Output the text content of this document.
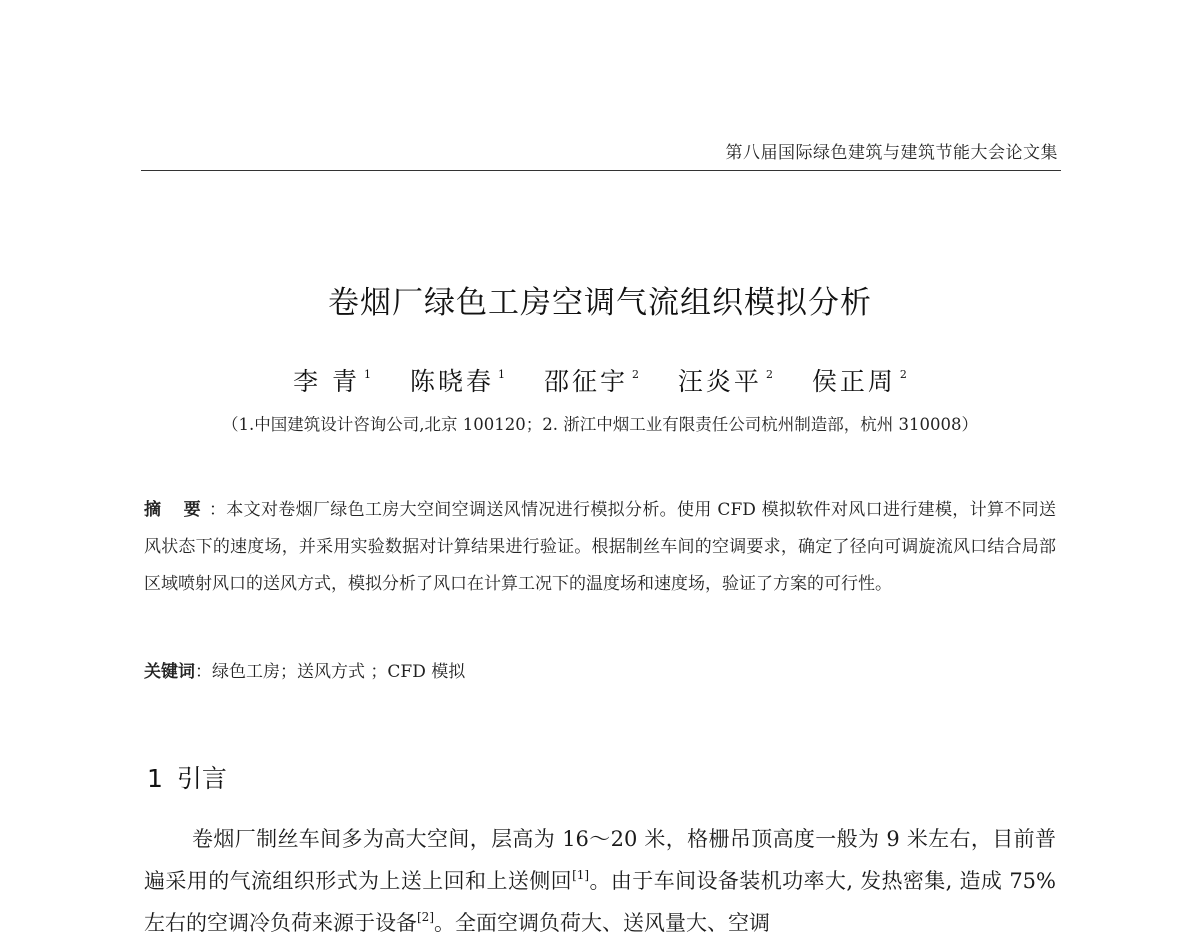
第八届国际绿色建筑与建筑节能大会论文集
卷烟厂绿色工房空调气流组织模拟分析
李 青 $^1$ 陈晓春 $^1$ 邵征宇 $^2$ 汪炎平 $^2$ 侯正周 $^2$
（1.中国建筑设计咨询公司,北京 100120；2. 浙江中烟工业有限责任公司杭州制造部，杭州 310008）
摘 要：本文对卷烟厂绿色工房大空间空调送风情况进行模拟分析。使用 CFD 模拟软件对风口进行建模，计算不同送风状态下的速度场，并采用实验数据对计算结果进行验证。根据制丝车间的空调要求，确定了径向可调旋流风口结合局部区域喷射风口的送风方式，模拟分析了风口在计算工况下的温度场和速度场，验证了方案的可行性。
关键词：绿色工房；送风方式 ；CFD 模拟
1 引言
卷烟厂制丝车间多为高大空间，层高为 16～20 米，格栅吊顶高度一般为 9 米左右，目前普遍采用的气流组织形式为上送上回和上送侧回[1]。由于车间设备装机功率大, 发热密集, 造成 75%左右的空调冷负荷来源于设备[2]。全面空调负荷大、送风量大、空调
